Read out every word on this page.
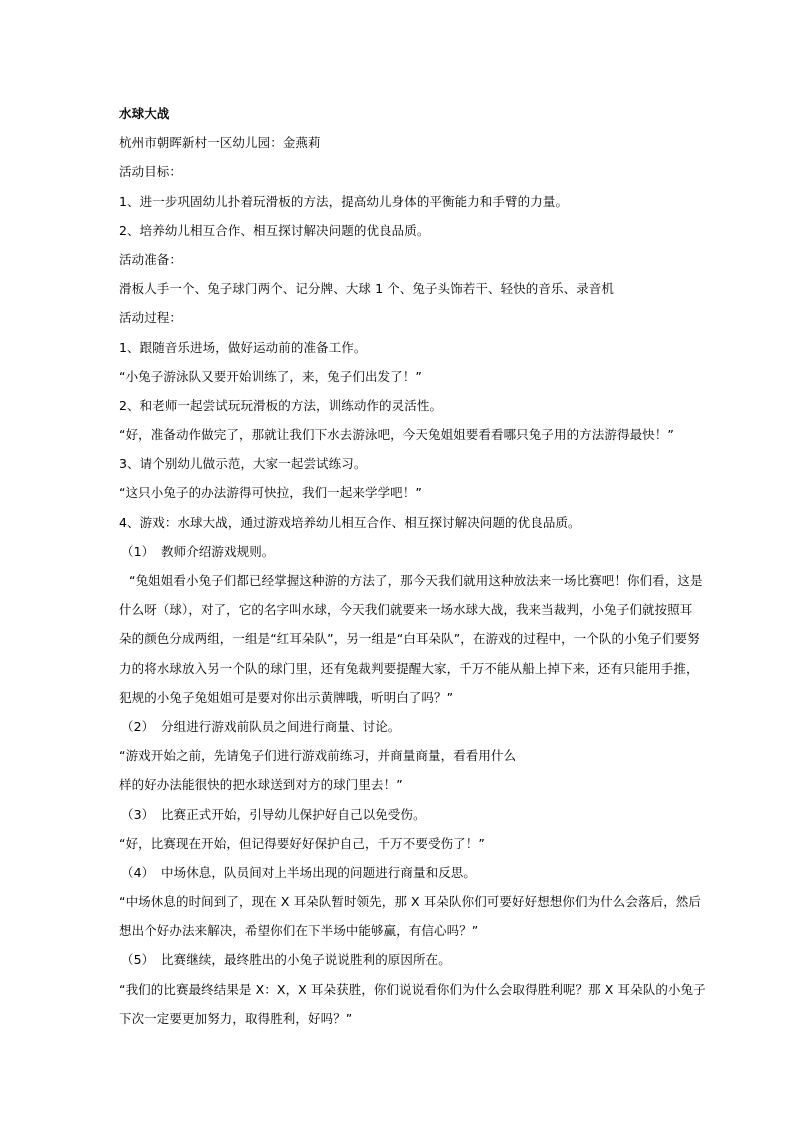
水球大战
杭州市朝晖新村一区幼儿园：金燕莉
活动目标：
1、进一步巩固幼儿扑着玩滑板的方法，提高幼儿身体的平衡能力和手臂的力量。
2、培养幼儿相互合作、相互探讨解决问题的优良品质。
活动准备：
滑板人手一个、兔子球门两个、记分牌、大球 1 个、兔子头饰若干、轻快的音乐、录音机
活动过程：
1、跟随音乐进场，做好运动前的准备工作。
“小兔子游泳队又要开始训练了，来，兔子们出发了！”
2、和老师一起尝试玩玩滑板的方法，训练动作的灵活性。
“好，准备动作做完了，那就让我们下水去游泳吧，今天兔姐姐要看看哪只兔子用的方法游得最快！”
3、请个别幼儿做示范，大家一起尝试练习。
“这只小兔子的办法游得可快拉，我们一起来学学吧！”
4、游戏：水球大战，通过游戏培养幼儿相互合作、相互探讨解决问题的优良品质。
（1） 教师介绍游戏规则。
“兔姐姐看小兔子们都已经掌握这种游的方法了，那今天我们就用这种放法来一场比赛吧！你们看，这是
什么呀（球），对了，它的名字叫水球，今天我们就要来一场水球大战，我来当裁判，小兔子们就按照耳
朵的颜色分成两组，一组是“红耳朵队”，另一组是“白耳朵队”，在游戏的过程中，一个队的小兔子们要努
力的将水球放入另一个队的球门里，还有兔裁判要提醒大家，千万不能从船上掉下来，还有只能用手推，
犯规的小兔子兔姐姐可是要对你出示黄牌哦，听明白了吗？”
（2） 分组进行游戏前队员之间进行商量、讨论。
“游戏开始之前，先请兔子们进行游戏前练习，并商量商量，看看用什么
样的好办法能很快的把水球送到对方的球门里去！”
（3） 比赛正式开始，引导幼儿保护好自己以免受伤。
“好，比赛现在开始，但记得要好好保护自己，千万不要受伤了！”
（4） 中场休息，队员间对上半场出现的问题进行商量和反思。
“中场休息的时间到了，现在 X 耳朵队暂时领先，那 X 耳朵队你们可要好好想想你们为什么会落后，然后
想出个好办法来解决，希望你们在下半场中能够赢，有信心吗？”
（5） 比赛继续，最终胜出的小兔子说说胜利的原因所在。
“我们的比赛最终结果是 X：X，X 耳朵获胜，你们说说看你们为什么会取得胜利呢？那 X 耳朵队的小兔子
下次一定要更加努力，取得胜利，好吗？”
